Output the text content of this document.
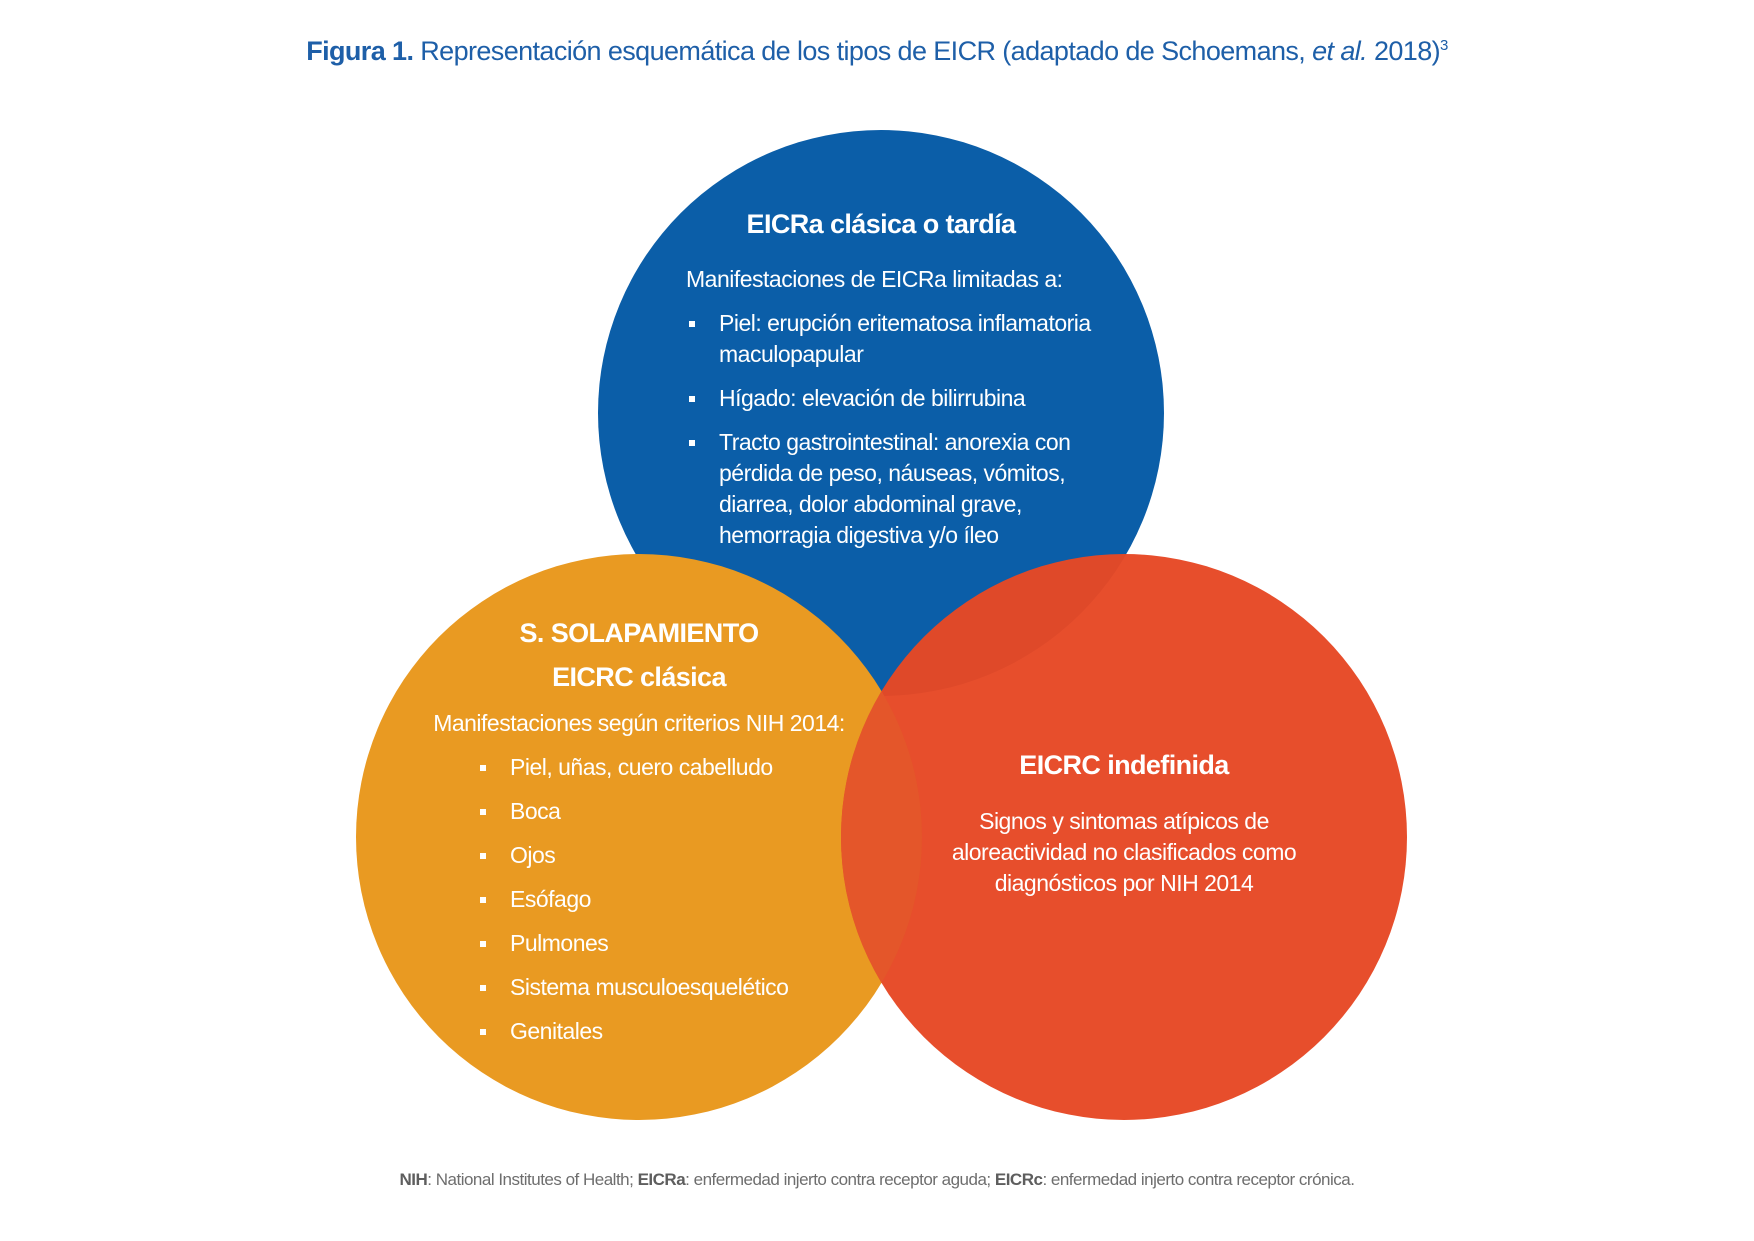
Figura 1. Representación esquemática de los tipos de EICR (adaptado de Schoemans, et al. 2018)$^3$
EICRa clásica o tardía
Manifestaciones de EICRa limitadas a:
Piel: erupción eritematosa inflamatoria maculopapular
Hígado: elevación de bilirrubina
Tracto gastrointestinal: anorexia con pérdida de peso, náuseas, vómitos, diarrea, dolor abdominal grave, hemorragia digestiva y/o íleo
S. SOLAPAMIENTO
EICRC clásica
Manifestaciones según criterios NIH 2014:
Piel, uñas, cuero cabelludo
Boca
Ojos
Esófago
Pulmones
Sistema musculoesquelético
Genitales
EICRC indefinida
Signos y sintomas atípicos de aloreactividad no clasificados como diagnósticos por NIH 2014
NIH: National Institutes of Health; EICRa: enfermedad injerto contra receptor aguda; EICRc: enfermedad injerto contra receptor crónica.
